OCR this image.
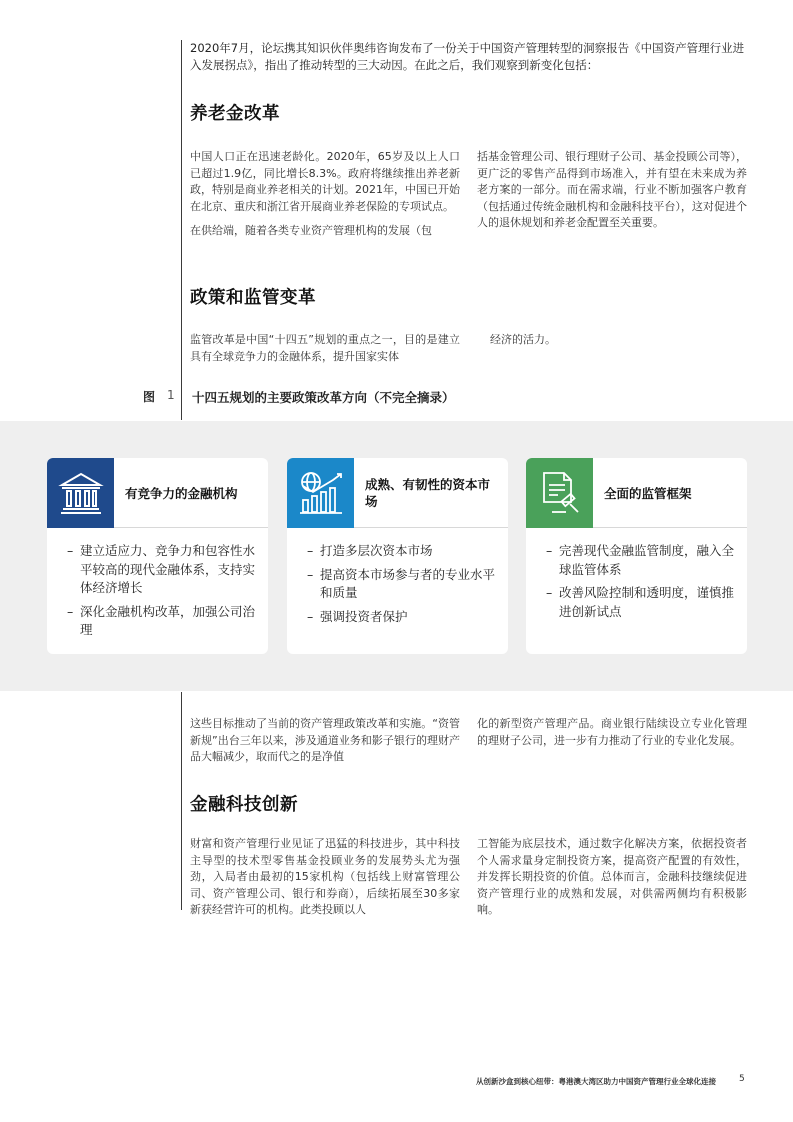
2020年7月，论坛携其知识伙伴奥纬咨询发布了一份关于中国资产管理转型的洞察报告《中国资产管理行业进入发展拐点》，指出了推动转型的三大动因。在此之后，我们观察到新变化包括：
养老金改革

中国人口正在迅速老龄化。2020年，65岁及以上人口已超过1.9亿，同比增长8.3%。政府将继续推出养老新政，特别是商业养老相关的计划。2021年，中国已开始在北京、重庆和浙江省开展商业养老保险的专项试点。

在供给端，随着各类专业资产管理机构的发展（包

括基金管理公司、银行理财子公司、基金投顾公司等），更广泛的零售产品得到市场准入，并有望在未来成为养老方案的一部分。而在需求端，行业不断加强客户教育（包括通过传统金融机构和金融科技平台），这对促进个人的退休规划和养老金配置至关重要。

政策和监管变革

监管改革是中国“十四五”规划的重点之一，目的是建立具有全球竞争力的金融体系，提升国家实体

经济的活力。

图 1 十四五规划的主要政策改革方向（不完全摘录）
有竞争力的金融机构
– 建立适应力、竞争力和包容性水平较高的现代金融体系，支持实体经济增长
– 深化金融机构改革，加强公司治理
成熟、有韧性的资本市场
– 打造多层次资本市场
– 提高资本市场参与者的专业水平和质量
– 强调投资者保护
全面的监管框架
– 完善现代金融监管制度，融入全球监管体系
– 改善风险控制和透明度，谨慎推进创新试点

这些目标推动了当前的资产管理政策改革和实施。“资管新规”出台三年以来，涉及通道业务和影子银行的理财产品大幅减少，取而代之的是净值

化的新型资产管理产品。商业银行陆续设立专业化管理的理财子公司，进一步有力推动了行业的专业化发展。

金融科技创新

财富和资产管理行业见证了迅猛的科技进步，其中科技主导型的技术型零售基金投顾业务的发展势头尤为强劲，入局者由最初的15家机构（包括线上财富管理公司、资产管理公司、银行和券商），后续拓展至30多家新获经营许可的机构。此类投顾以人

工智能为底层技术，通过数字化解决方案，依据投资者个人需求量身定制投资方案，提高资产配置的有效性，并发挥长期投资的价值。总体而言，金融科技继续促进资产管理行业的成熟和发展，对供需两侧均有积极影响。

从创新沙盒到核心纽带：粤港澳大湾区助力中国资产管理行业全球化连接	5
